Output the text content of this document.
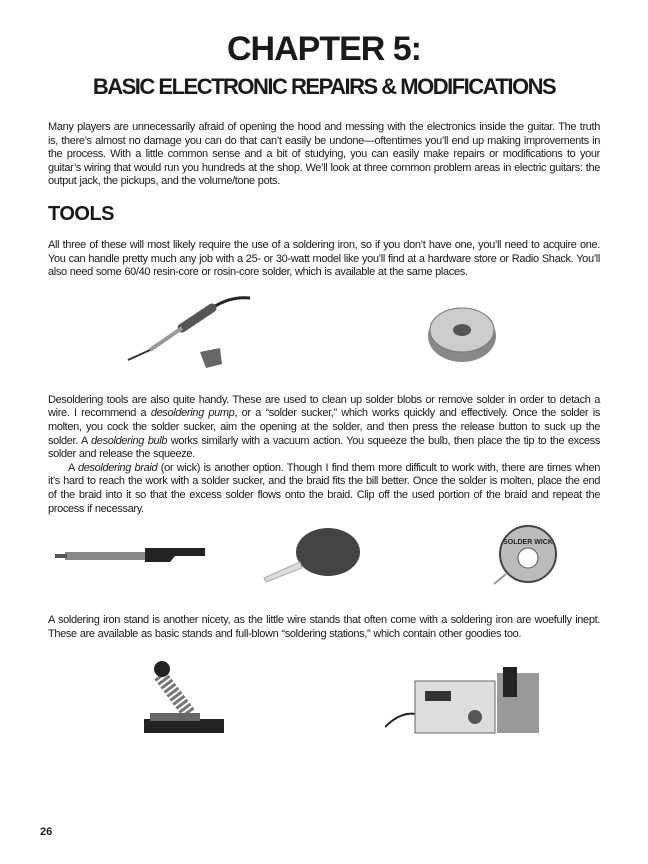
CHAPTER 5:
BASIC ELECTRONIC REPAIRS & MODIFICATIONS

Many players are unnecessarily afraid of opening the hood and messing with the electronics inside the guitar. The truth is, there’s almost no damage you can do that can’t easily be undone—oftentimes you’ll end up making improvements in the process. With a little common sense and a bit of studying, you can easily make repairs or modifications to your guitar’s wiring that would run you hundreds at the shop. We’ll look at three common problem areas in electric guitars: the output jack, the pickups, and the volume/tone pots.

TOOLS

All three of these will most likely require the use of a soldering iron, so if you don’t have one, you’ll need to acquire one. You can handle pretty much any job with a 25- or 30-watt model like you’ll find at a hardware store or Radio Shack. You’ll also need some 60/40 resin-core or rosin-core solder, which is available at the same places.

Desoldering tools are also quite handy. These are used to clean up solder blobs or remove solder in order to detach a wire. I recommend a desoldering pump, or a “solder sucker,” which works quickly and effectively. Once the solder is molten, you cock the solder sucker, aim the opening at the solder, and then press the release button to suck up the solder. A desoldering bulb works similarly with a vacuum action. You squeeze the bulb, then place the tip to the excess solder and release the squeeze.

A desoldering braid (or wick) is another option. Though I find them more difficult to work with, there are times when it’s hard to reach the work with a solder sucker, and the braid fits the bill better. Once the solder is molten, place the end of the braid into it so that the excess solder flows onto the braid. Clip off the used portion of the braid and repeat the process if necessary.

SOLDER WICK

A soldering iron stand is another nicety, as the little wire stands that often come with a soldering iron are woefully inept. These are available as basic stands and full-blown “soldering stations,” which contain other goodies too.

26
